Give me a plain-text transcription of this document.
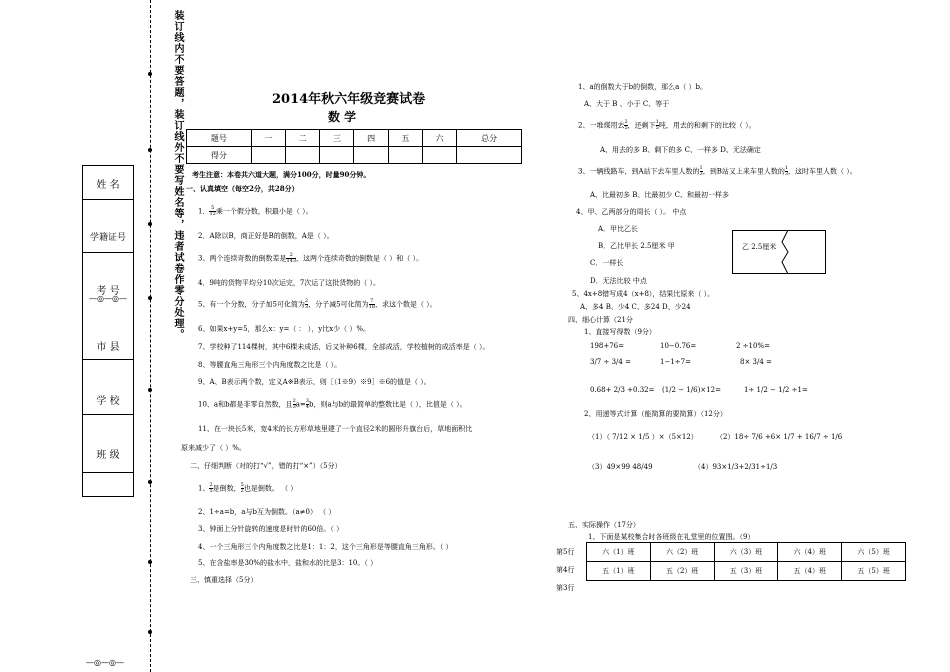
装订线内不要答题，装订线外不要写姓名等，违者试卷作零分处理。
姓 名
学籍证号
考 号
—◎—◎—
市 县
学 校
班 级
—◎—◎—
2014年秋六年级竞赛试卷
数 学
题号	一	二	三	四	五	六	总分
得分							
考生注意：本卷共六道大题，满分100分，时量90分钟。
一、认真填空（每空2分，共28分）
1． $\frac{5}{12}$ 乘一个假分数，积最小是（ ）。
2．A除以B，商正好是B的倒数，A是（ ）。
3、两个连续奇数的倒数差是 $\frac{2}{143}$ ，这两个连续奇数的倒数是（ ）和（ ）。
4．9吨的货物平均分10次运完，7次运了这批货物的（ ）。
5、有一个分数，分子加5可化简为 $\frac{2}{3}$ ，分子减5可化简为 $\frac{7}{18}$ ，求这个数是（ ）。
6、如果x+y=5，那么x：y=（ ： ），y比x少（ ）%。
7、学校种了114棵树，其中6棵未成活，后又补种6棵，全部成活，学校植树的成活率是（ ）。
8、等腰直角三角形三个内角度数之比是（ ）。
9、A、B表示两个数，定义A※B表示，则［（1※9）※9］※6的值是（ ）。
10、a和b都是非零自然数，且 $\frac{2}{3} a= \frac{3}{4}$ b，则a与b的最简单的整数比是（ ），比值是（ ）。
11、在一块长5米，宽4米的长方形草地里建了一个直径2米的圆形升旗台后，草地面积比
原来减少了（ ）%。
二、仔细判断（对的打“√”，错的打“×”）（5分）
1、 $\frac{2}{5}$ 是倒数， $\frac{5}{2}$ 也是倒数。 （ ）
2、1÷a=b，a与b互为倒数。（a≠0） （ ）
3、钟面上分针旋转的速度是时针的60倍。（ ）
4、一个三角形三个内角度数之比是1：1：2，这个三角形是等腰直角三角形。（ ）
5、在含盐率是30%的盐水中，盐和水的比是3：10。（ ）
三、慎重选择（5分）
1、a的倒数大于b的倒数，那么a（ ）b。
A、大于 B 、小于 C、等于
2、一堆煤用去 $\frac{2}{5}$ ，还剩下 $\frac{1}{5}$ 吨，用去的和剩下的比较（ ）。
A、用去的多 B、剩下的多 C、一样多 D、无法确定
3、一辆线路车，到A站下去车里人数的 $\frac{1}{3}$ ，到B站又上来车里人数的 $\frac{1}{3}$ ，这时车里人数（ ）。
A、比最初多 B、比最初少 C、和最初一样多
4、甲、乙两部分的周长（ ）。 中点
A．甲比乙长
B．乙比甲长 2.5厘米 甲
C．一样长
D．无法比较 中点
乙 2.5厘米
5、4x+8错写成4（x+8），结果比原来（ ）。
A、多4 B、少4 C、多24 D、少24
四、细心计算（21分
1、直接写得数（9分）
198+76=	10−0.76=	2 ÷10%=
3/7 ÷ 3/4 =	1−1÷7=	8× 3/4 =
0.68+ 2/3 +0.32= (1/2 − 1/6)×12=	1÷ 1/2 − 1/2 ÷1=
2、用递等式计算（能简算的要简算）（12分）
（1）（ 7/12 × 1/5 ）×（5×12）	（2）18÷ 7/6 +6× 1/7 + 16/7 ÷ 1/6
（3）49×99 48/49	（4）93×1/3+2/31÷1/3
五、实际操作（17分）
1、下面是某校集合时各班级在礼堂里的位置图。（9）
第5行
第4行
第3行
六（1）班	六（2）班	六（3）班	六（4）班	六（5）班
五（1）班	五（2）班	五（3）班	五（4）班	五（5）班
